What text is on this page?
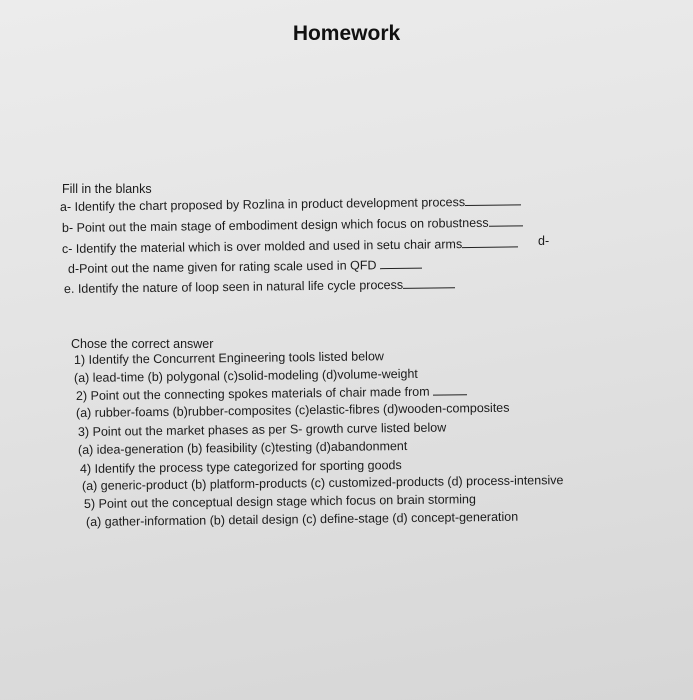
Homework
Fill in the blanks
a- Identify the chart proposed by Rozlina in product development process
b- Point out the main stage of embodiment design which focus on robustness
c- Identify the material which is over molded and used in setu chair arms	d-
d-Point out the name given for rating scale used in QFD
e. Identify the nature of loop seen in natural life cycle process
Chose the correct answer
1) Identify the Concurrent Engineering tools listed below
(a) lead-time (b) polygonal (c)solid-modeling (d)volume-weight
2) Point out the connecting spokes materials of chair made from
(a) rubber-foams (b)rubber-composites (c)elastic-fibres (d)wooden-composites
3) Point out the market phases as per S- growth curve listed below
(a) idea-generation (b) feasibility (c)testing (d)abandonment
4) Identify the process type categorized for sporting goods
(a) generic-product (b) platform-products (c) customized-products (d) process-intensive
5) Point out the conceptual design stage which focus on brain storming
(a) gather-information (b) detail design (c) define-stage (d) concept-generation
